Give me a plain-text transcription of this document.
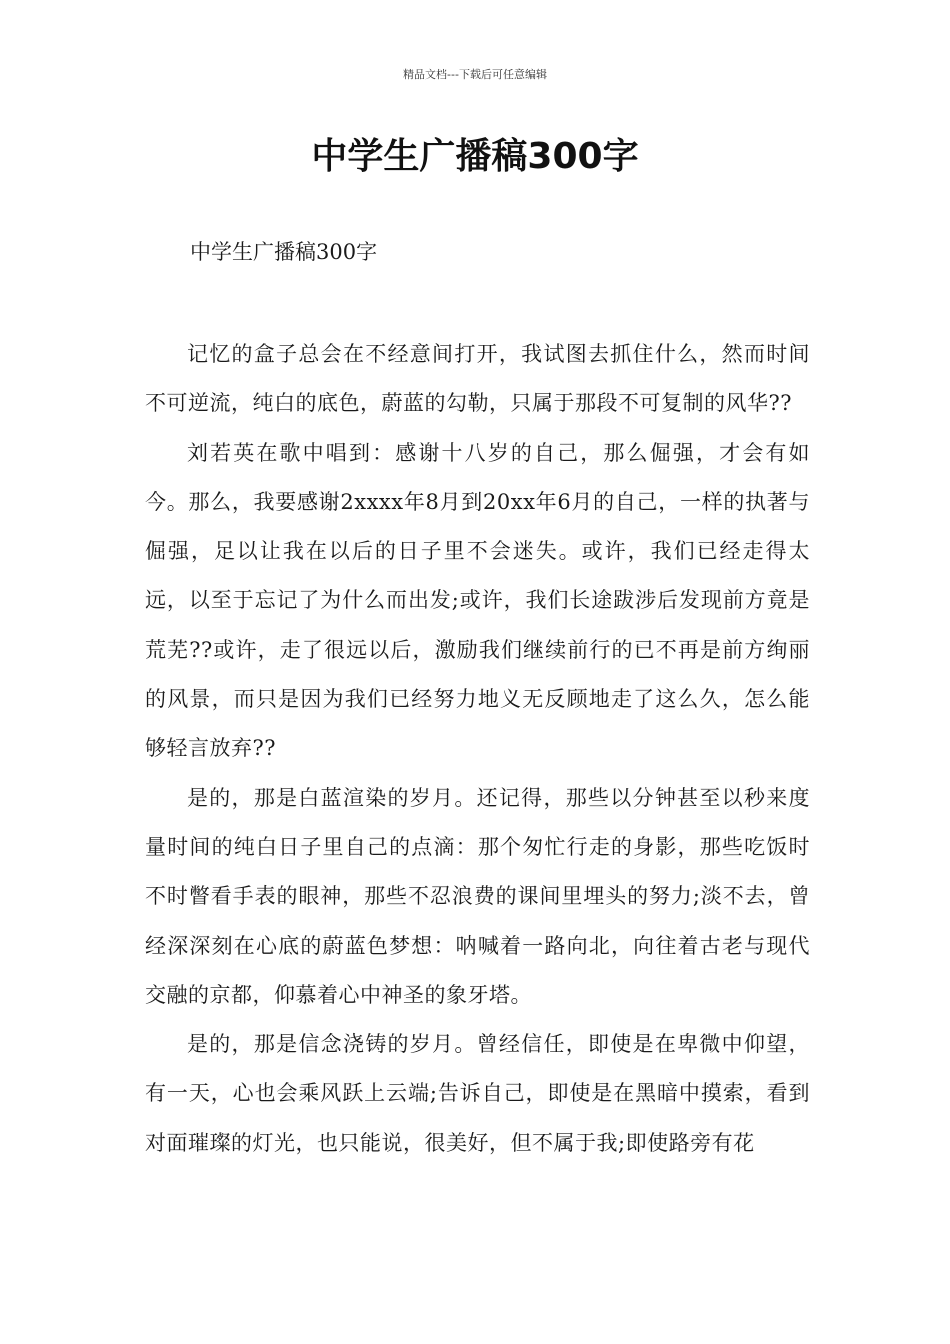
精品文档---下载后可任意编辑
中学生广播稿300字

中学生广播稿300字

记忆的盒子总会在不经意间打开，我试图去抓住什么，然而时间不可逆流，纯白的底色，蔚蓝的勾勒，只属于那段不可复制的风华??

刘若英在歌中唱到：感谢十八岁的自己，那么倔强，才会有如今。那么，我要感谢2xxxx年8月到20xx年6月的自己，一样的执著与倔强，足以让我在以后的日子里不会迷失。或许，我们已经走得太远，以至于忘记了为什么而出发;或许，我们长途跋涉后发现前方竟是荒芜??或许，走了很远以后，激励我们继续前行的已不再是前方绚丽的风景，而只是因为我们已经努力地义无反顾地走了这么久，怎么能够轻言放弃??

是的，那是白蓝渲染的岁月。还记得，那些以分钟甚至以秒来度量时间的纯白日子里自己的点滴：那个匆忙行走的身影，那些吃饭时不时瞥看手表的眼神，那些不忍浪费的课间里埋头的努力;淡不去，曾经深深刻在心底的蔚蓝色梦想：呐喊着一路向北，向往着古老与现代交融的京都，仰慕着心中神圣的象牙塔。

是的，那是信念浇铸的岁月。曾经信任，即使是在卑微中仰望，有一天，心也会乘风跃上云端;告诉自己，即使是在黑暗中摸索，看到对面璀璨的灯光，也只能说，很美好，但不属于我;即使路旁有花
